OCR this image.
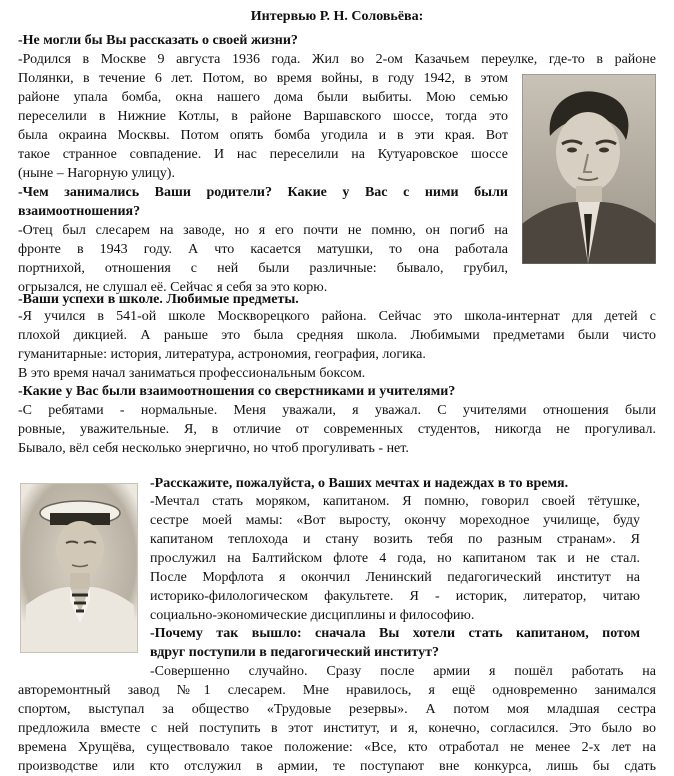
Интервью Р. Н. Соловьёва:
-Не могли бы Вы рассказать о своей жизни?
-Родился в Москве 9 августа 1936 года. Жил во 2-ом Казачьем переулке, где-то в районе
Полянки, в течение 6 лет. Потом, во время войны, в году 1942, в этом
районе упала бомба, окна нашего дома были выбиты. Мою семью
переселили в Нижние Котлы, в районе Варшавского шоссе, тогда это
была окраина Москвы. Потом опять бомба угодила и в эти края. Вот
такое странное совпадение. И нас переселили на Кутуаровское шоссе
(ныне – Нагорную улицу).
-Чем занимались Ваши родители? Какие у Вас с ними были
взаимоотношения?
-Отец был слесарем на заводе, но я его почти не помню, он погиб на
фронте в 1943 году. А что касается матушки, то она работала
портнихой, отношения с ней были различные: бывало, грубил,
огрызался, не слушал её. Сейчас я себя за это корю.
-Ваши успехи в школе. Любимые предметы.
-Я учился в 541-ой школе Москворецкого района. Сейчас это школа-интернат для детей с
плохой дикцией. А раньше это была средняя школа. Любимыми предметами были чисто
гуманитарные: история, литература, астрономия, география, логика.
В это время начал заниматься профессиональным боксом.
-Какие у Вас были взаимоотношения со сверстниками и учителями?
-С ребятами - нормальные. Меня уважали, я уважал. С учителями отношения были
ровные, уважительные. Я, в отличие от современных студентов, никогда не прогуливал.
Бывало, вёл себя несколько энергично, но чтоб прогуливать - нет.
-Расскажите, пожалуйста, о Ваших мечтах и надеждах в то время.
-Мечтал стать моряком, капитаном. Я помню, говорил своей тётушке,
сестре моей мамы: «Вот выросту, окончу мореходное училище, буду
капитаном теплохода и стану возить тебя по разным странам». Я
прослужил на Балтийском флоте 4 года, но капитаном так и не стал.
После Морфлота я окончил Ленинский педагогический институт на
историко-филологическом факультете. Я - историк, литератор, читаю
социально-экономические дисциплины и философию.
-Почему так вышло: сначала Вы хотели стать капитаном, потом
вдруг поступили в педагогический институт?
-Совершенно случайно. Сразу после армии я пошёл работать на
авторемонтный завод №1 слесарем. Мне нравилось, я ещё одновременно занимался
спортом, выступал за общество «Трудовые резервы». А потом моя младшая сестра
предложила вместе с ней поступить в этот институт, и я, конечно, согласился. Это было во
времена Хрущёва, существовало такое положение: «Все, кто отработал не менее 2-х лет на
производстве или кто отслужил в армии, те поступают вне конкурса, лишь бы сдать
